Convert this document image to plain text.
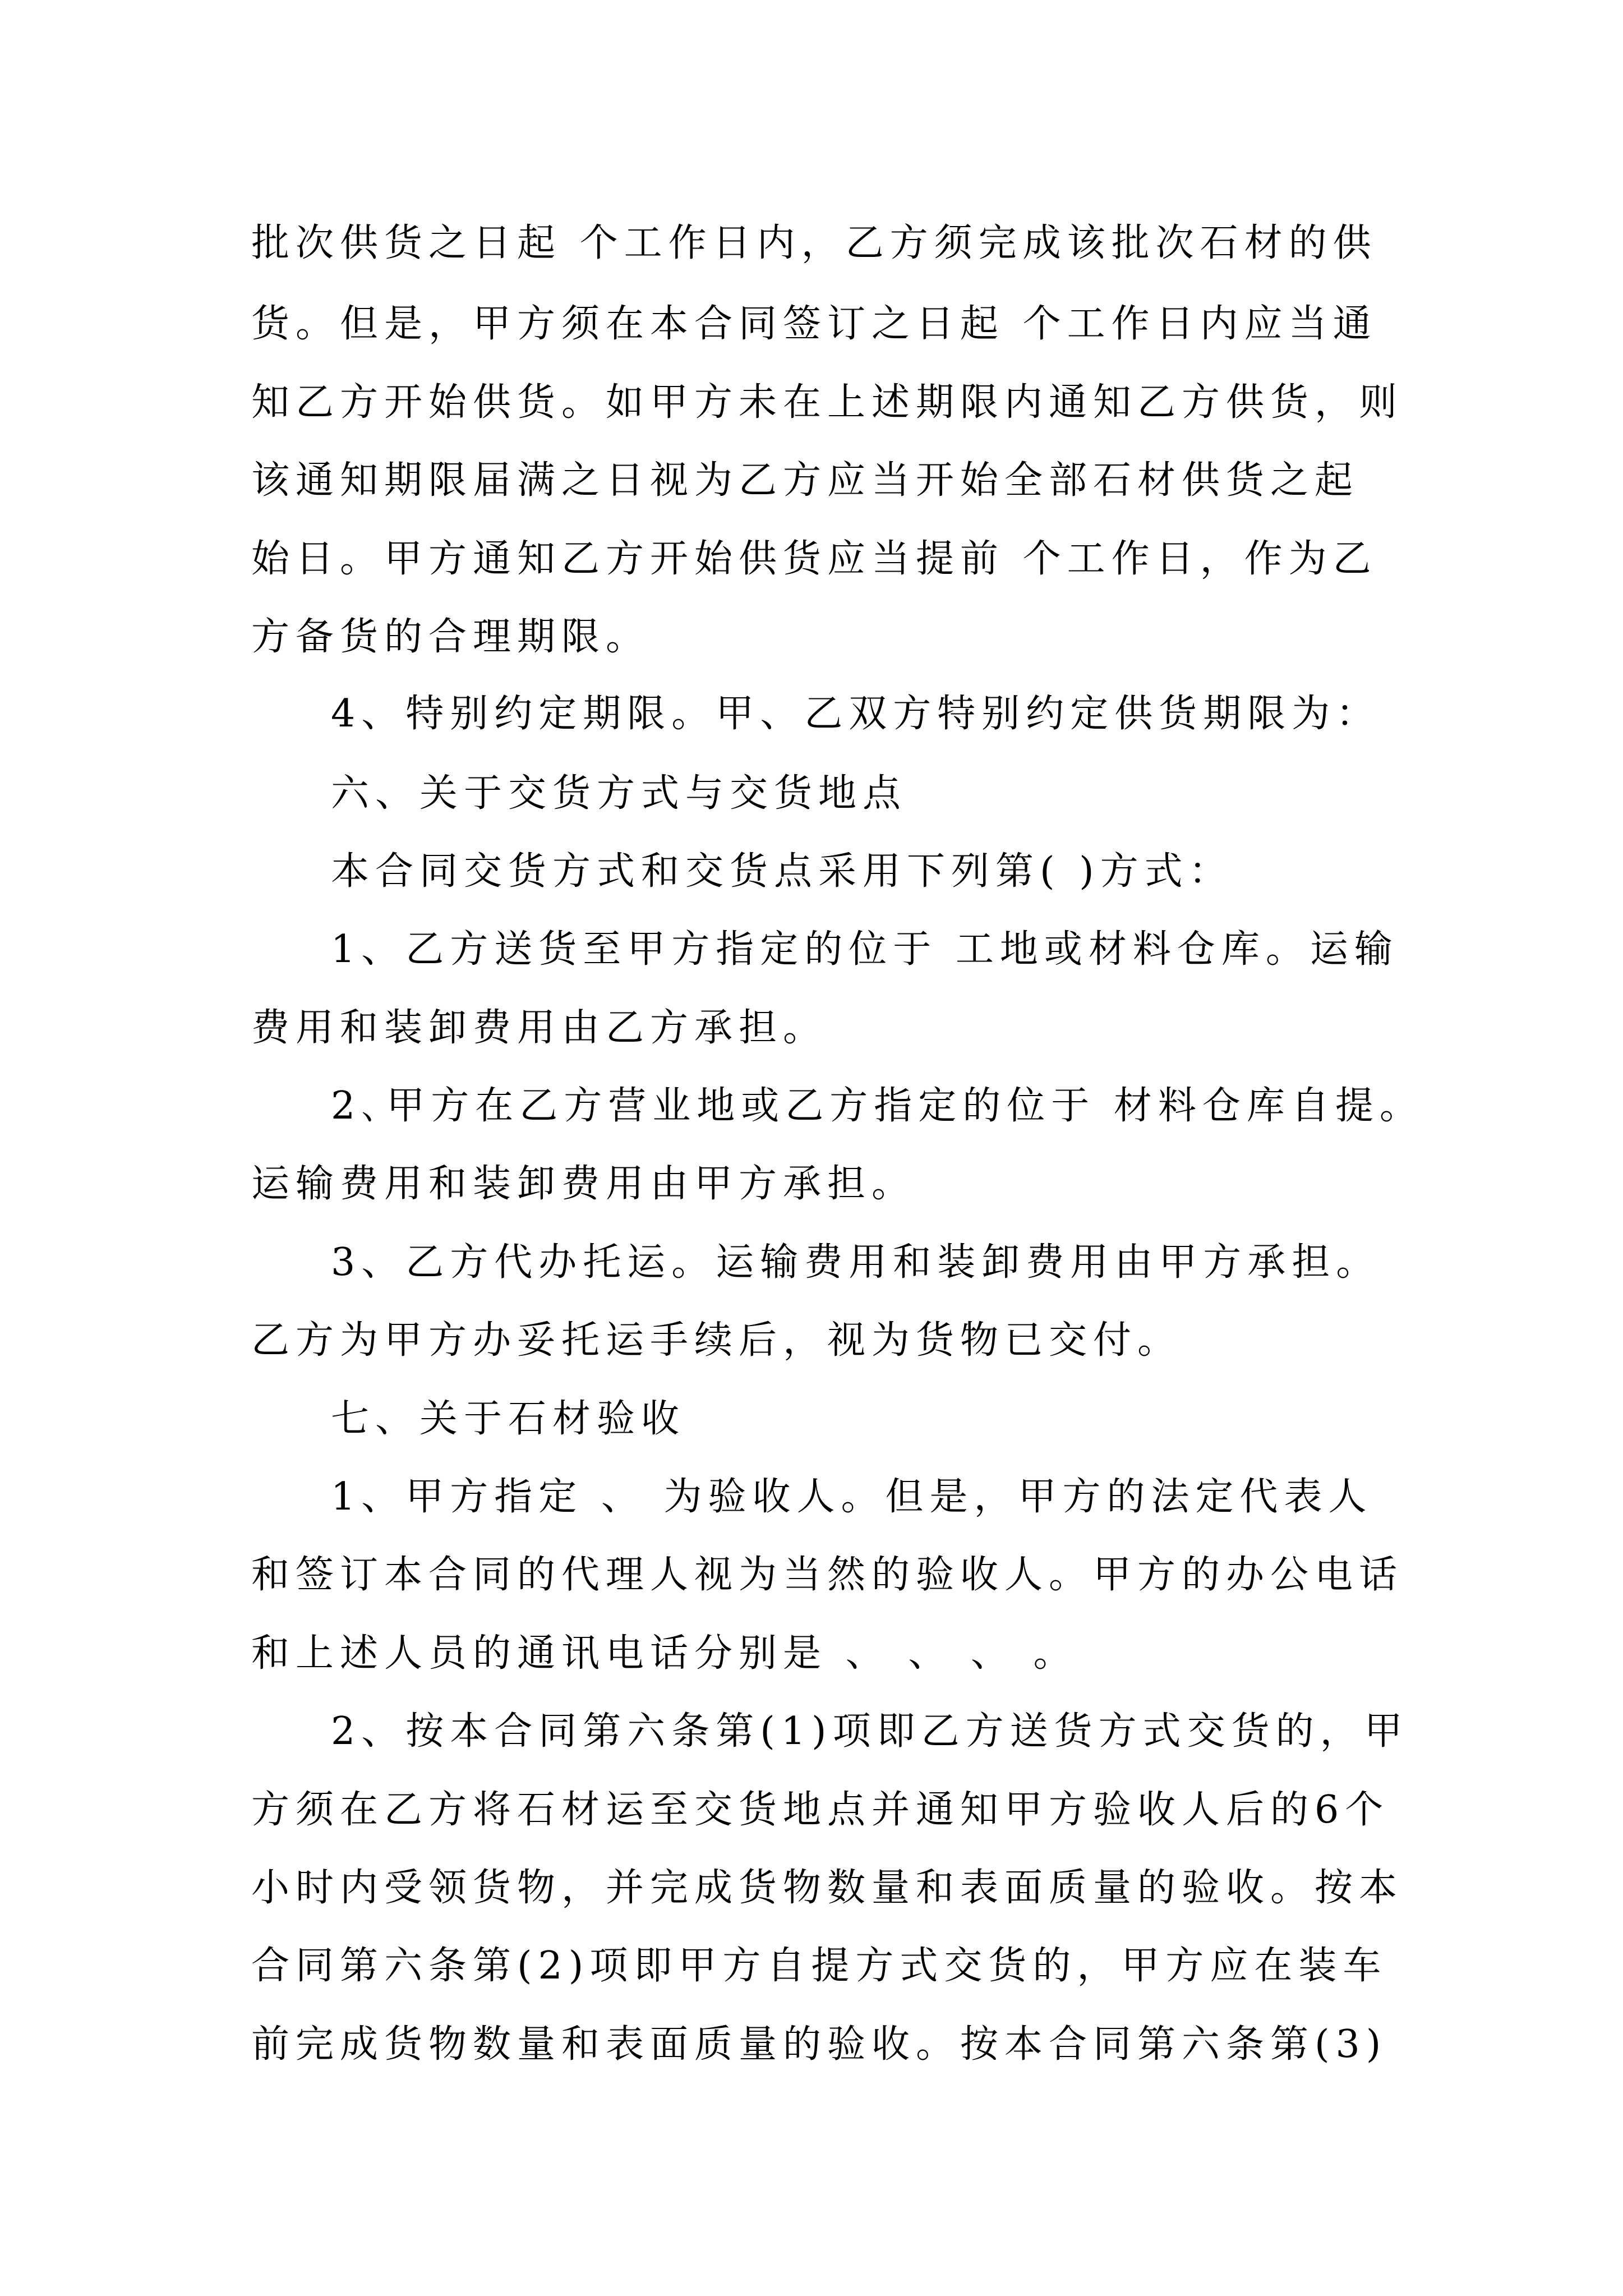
批次供货之日起 个工作日内，乙方须完成该批次石材的供
货。但是，甲方须在本合同签订之日起 个工作日内应当通
知乙方开始供货。如甲方未在上述期限内通知乙方供货，则
该通知期限届满之日视为乙方应当开始全部石材供货之起
始日。甲方通知乙方开始供货应当提前 个工作日，作为乙
方备货的合理期限。
4、特别约定期限。甲、乙双方特别约定供货期限为：
六、关于交货方式与交货地点
本合同交货方式和交货点采用下列第( )方式：
1、乙方送货至甲方指定的位于 工地或材料仓库。运输
费用和装卸费用由乙方承担。
2､甲方在乙方营业地或乙方指定的位于 材料仓库自提。
运输费用和装卸费用由甲方承担。
3、乙方代办托运。运输费用和装卸费用由甲方承担。
乙方为甲方办妥托运手续后，视为货物已交付。
七、关于石材验收
1、甲方指定 、 为验收人。但是，甲方的法定代表人
和签订本合同的代理人视为当然的验收人。甲方的办公电话
和上述人员的通讯电话分别是 、 、 、 。
2、按本合同第六条第(1)项即乙方送货方式交货的，甲
方须在乙方将石材运至交货地点并通知甲方验收人后的6个
小时内受领货物，并完成货物数量和表面质量的验收。按本
合同第六条第(2)项即甲方自提方式交货的，甲方应在装车
前完成货物数量和表面质量的验收。按本合同第六条第(3)
